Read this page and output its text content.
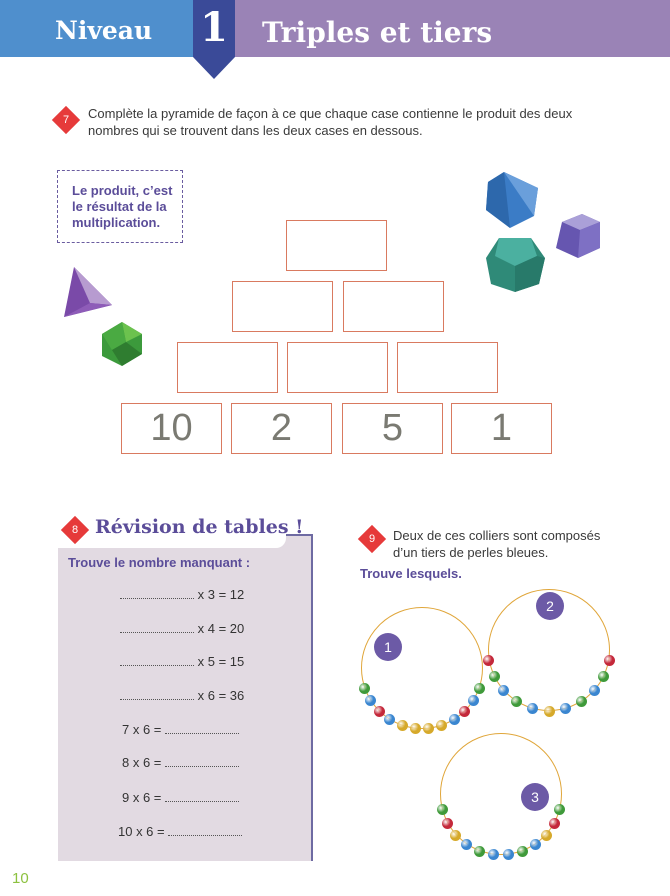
Niveau 1 Triples et tiers
7	Complète la pyramide de façon à ce que chaque case contienne le produit des deux
nombres qui se trouvent dans les deux cases en dessous.
Le produit, c’est
le résultat de la
multiplication.
10	2	5	1
8 Révision de tables !
Trouve le nombre manquant :
x 3 = 12
x 4 = 20
x 5 = 15
x 6 = 36
7 x 6 =
8 x 6 =
9 x 6 =
10 x 6 =
9	Deux de ces colliers sont composés
d’un tiers de perles bleues.
Trouve lesquels.
1
2
3
10
